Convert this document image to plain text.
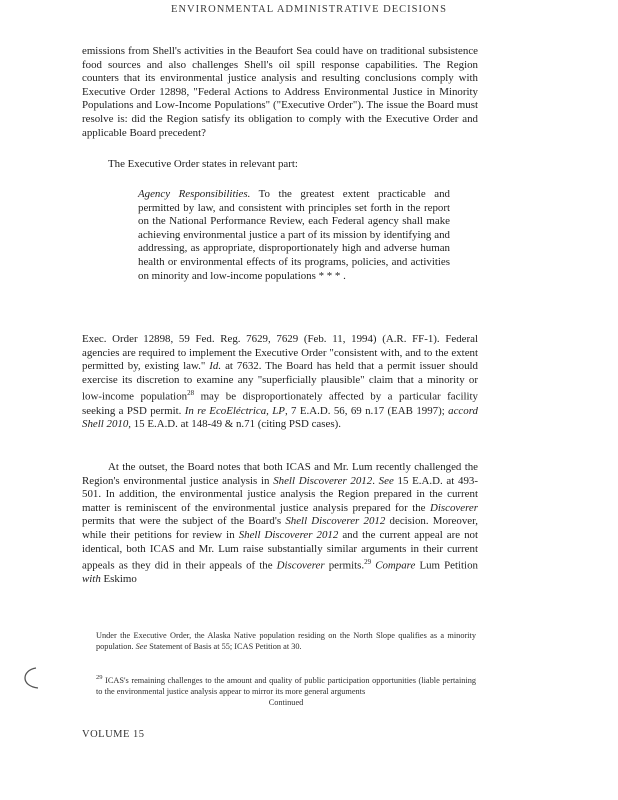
ENVIRONMENTAL ADMINISTRATIVE DECISIONS

emissions from Shell's activities in the Beaufort Sea could have on traditional subsistence food sources and also challenges Shell's oil spill response capabilities. The Region counters that its environmental justice analysis and resulting conclusions comply with Executive Order 12898, "Federal Actions to Address Environmental Justice in Minority Populations and Low-Income Populations" ("Executive Order"). The issue the Board must resolve is: did the Region satisfy its obligation to comply with the Executive Order and applicable Board precedent?

The Executive Order states in relevant part:
Agency Responsibilities. To the greatest extent practicable and permitted by law, and consistent with principles set forth in the report on the National Performance Review, each Federal agency shall make achieving environmental justice a part of its mission by identifying and addressing, as appropriate, disproportionately high and adverse human health or environmental effects of its programs, policies, and activities on minority and low-income populations * * * .

Exec. Order 12898, 59 Fed. Reg. 7629, 7629 (Feb. 11, 1994) (A.R. FF-1). Federal agencies are required to implement the Executive Order "consistent with, and to the extent permitted by, existing law." Id. at 7632. The Board has held that a permit issuer should exercise its discretion to examine any "superficially plausible" claim that a minority or low-income population$^{28}$ may be disproportionately affected by a particular facility seeking a PSD permit. In re EcoEléctrica, LP, 7 E.A.D. 56, 69 n.17 (EAB 1997); accord Shell 2010, 15 E.A.D. at 148-49 & n.71 (citing PSD cases).

At the outset, the Board notes that both ICAS and Mr. Lum recently challenged the Region's environmental justice analysis in Shell Discoverer 2012. See 15 E.A.D. at 493-501. In addition, the environmental justice analysis the Region prepared in the current matter is reminiscent of the environmental justice analysis prepared for the Discoverer permits that were the subject of the Board's Shell Discoverer 2012 decision. Moreover, while their petitions for review in Shell Discoverer 2012 and the current appeal are not identical, both ICAS and Mr. Lum raise substantially similar arguments in their current appeals as they did in their appeals of the Discoverer permits.$^{29}$ Compare Lum Petition with Eskimo

Under the Executive Order, the Alaska Native population residing on the North Slope qualifies as a minority population. See Statement of Basis at 55; ICAS Petition at 30.
$^{29}$ ICAS's remaining challenges to the amount and quality of public participation opportunities (liable pertaining to the environmental justice analysis appear to mirror its more general arguments
Continued
VOLUME 15
